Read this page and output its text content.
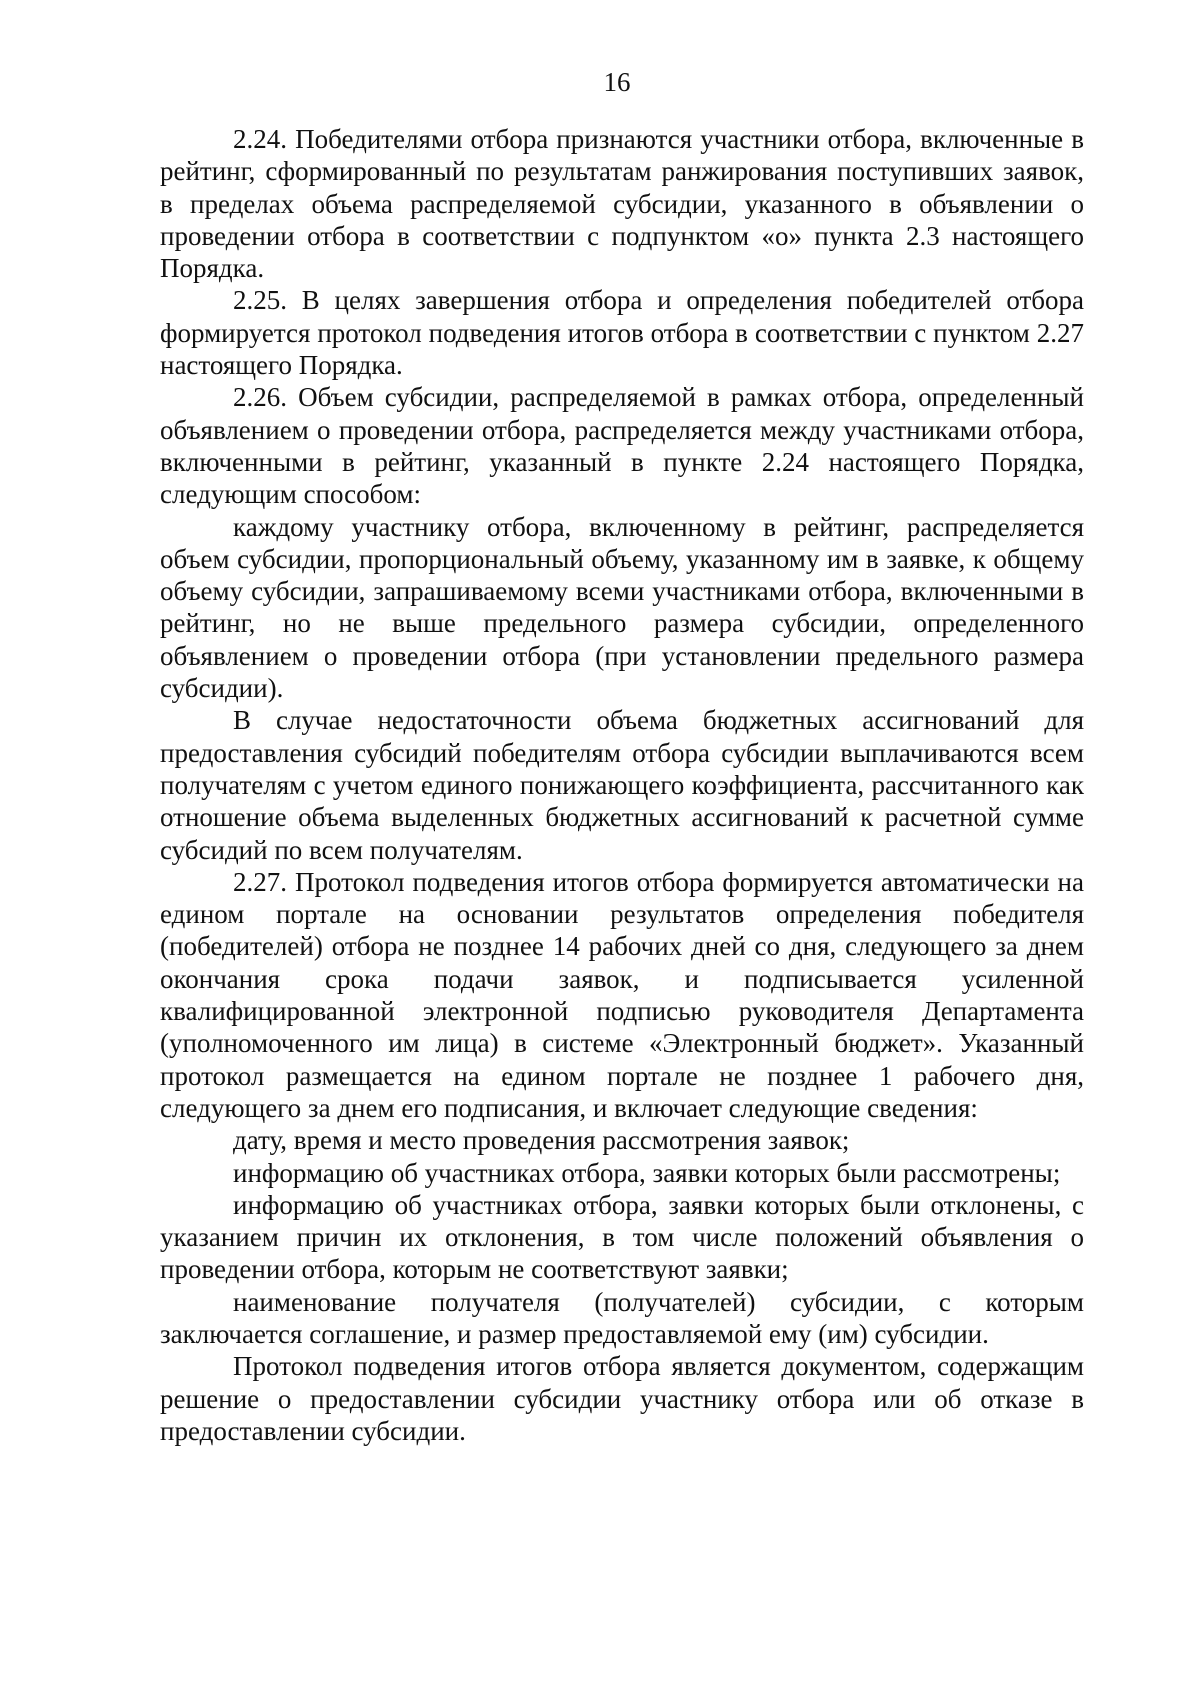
16

2.24. Победителями отбора признаются участники отбора, включенные в рейтинг, сформированный по результатам ранжирования поступивших заявок, в пределах объема распределяемой субсидии, указанного в объявлении о проведении отбора в соответствии с подпунктом «о» пункта 2.3 настоящего Порядка.

2.25. В целях завершения отбора и определения победителей отбора формируется протокол подведения итогов отбора в соответствии с пунктом 2.27 настоящего Порядка.

2.26. Объем субсидии, распределяемой в рамках отбора, определенный объявлением о проведении отбора, распределяется между участниками отбора, включенными в рейтинг, указанный в пункте 2.24 настоящего Порядка, следующим способом:

каждому участнику отбора, включенному в рейтинг, распределяется объем субсидии, пропорциональный объему, указанному им в заявке, к общему объему субсидии, запрашиваемому всеми участниками отбора, включенными в рейтинг, но не выше предельного размера субсидии, определенного объявлением о проведении отбора (при установлении предельного размера субсидии).

В случае недостаточности объема бюджетных ассигнований для предоставления субсидий победителям отбора субсидии выплачиваются всем получателям с учетом единого понижающего коэффициента, рассчитанного как отношение объема выделенных бюджетных ассигнований к расчетной сумме субсидий по всем получателям.

2.27. Протокол подведения итогов отбора формируется автоматически на едином портале на основании результатов определения победителя (победителей) отбора не позднее 14 рабочих дней со дня, следующего за днем окончания срока подачи заявок, и подписывается усиленной квалифицированной электронной подписью руководителя Департамента (уполномоченного им лица) в системе «Электронный бюджет». Указанный протокол размещается на едином портале не позднее 1 рабочего дня, следующего за днем его подписания, и включает следующие сведения:

дату, время и место проведения рассмотрения заявок;

информацию об участниках отбора, заявки которых были рассмотрены;

информацию об участниках отбора, заявки которых были отклонены, с указанием причин их отклонения, в том числе положений объявления о проведении отбора, которым не соответствуют заявки;

наименование получателя (получателей) субсидии, с которым заключается соглашение, и размер предоставляемой ему (им) субсидии.

Протокол подведения итогов отбора является документом, содержащим решение о предоставлении субсидии участнику отбора или об отказе в предоставлении субсидии.
